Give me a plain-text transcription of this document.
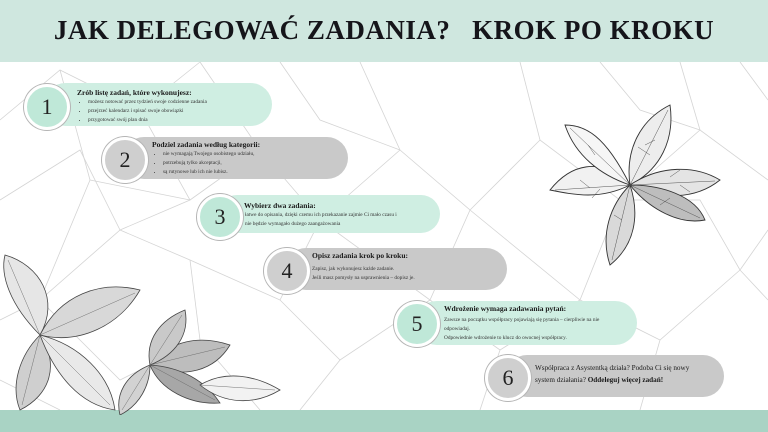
JAK DELEGOWAĆ ZADANIA?   KROK PO KROKU
1
Zrób listę zadań, które wykonujesz:
• możesz notować przez tydzień swoje codzienne zadania
• przejrzeć kalendarz i spisać swoje obowiązki
• przygotować swój plan dnia
2
Podziel zadania według kategorii:
• nie wymagają Twojego osobistego udziału,
• potrzebują tylko akceptacji,
• są rutynowe lub ich nie lubisz.
3	Wybierz dwa zadania:
łatwe do opisania, dzięki czemu ich przekazanie zajmie Ci mało czasu i
nie będzie wymagało dużego zaangażowania
4
Opisz zadania krok po kroku:
Zapisz, jak wykonujesz każde zadanie.
Jeśli masz pomysły na usprawnienia – dopisz je.
5
Wdrożenie wymaga zadawania pytań:
Zawsze na początku współpracy pojawiają się pytania – cierpliwie na nie
odpowiadaj.
Odpowiednie wdrożenie to klucz do owocnej współpracy.
6	Współpraca z Asystentką działa? Podoba Ci się nowy
system działania? Oddeleguj więcej zadań!
